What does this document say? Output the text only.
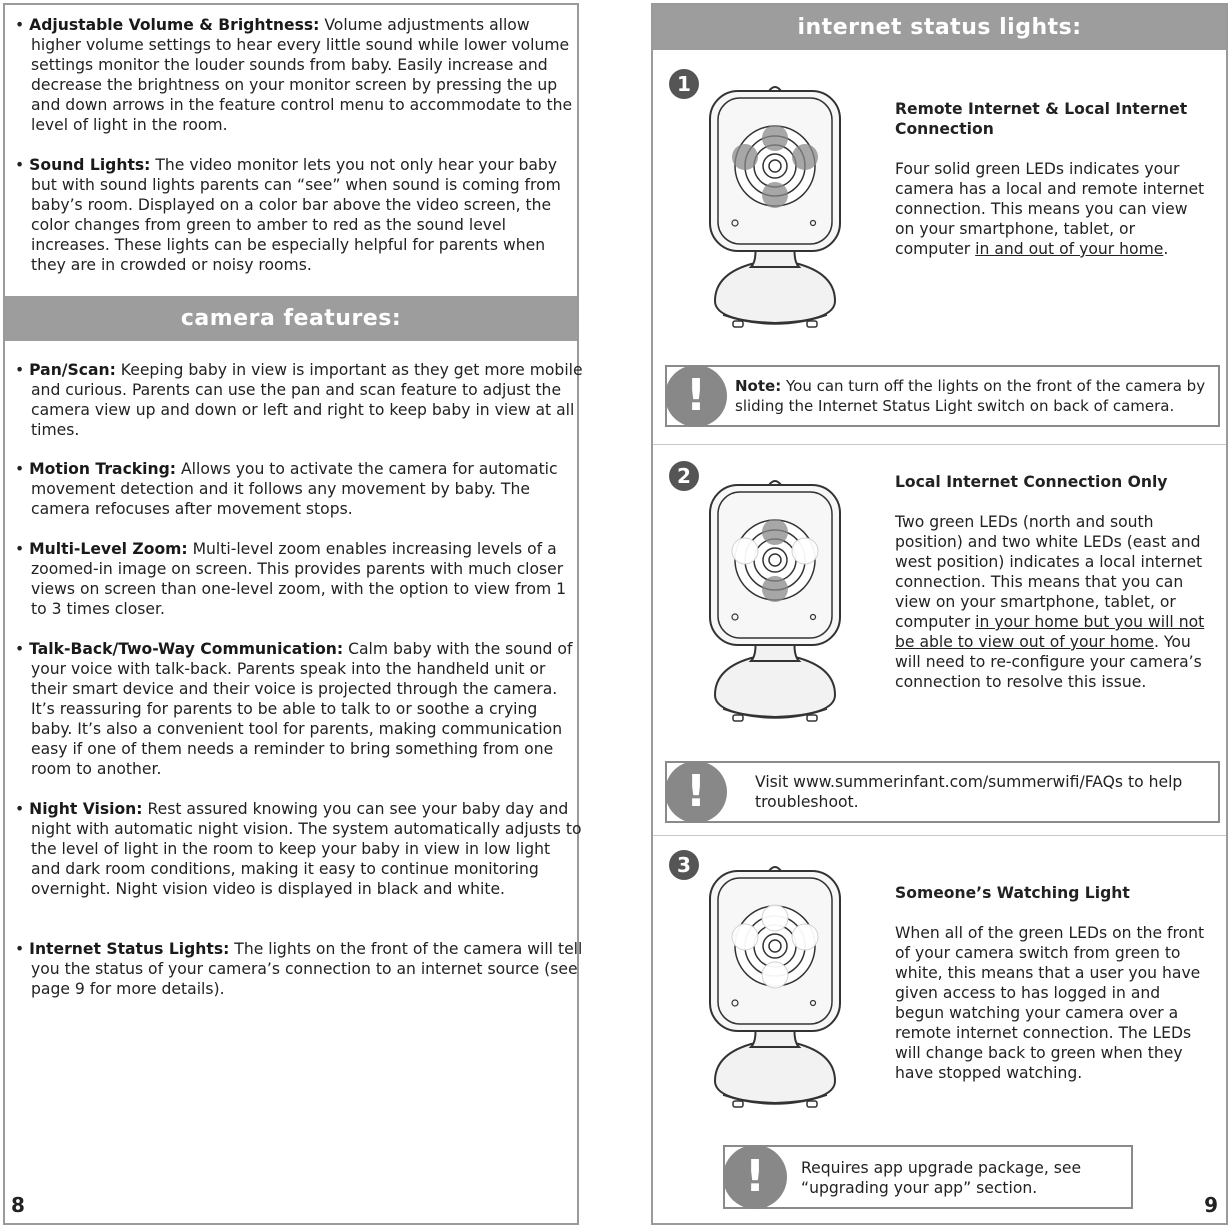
• Adjustable Volume & Brightness: Volume adjustments allow higher volume settings to hear every little sound while lower volume settings monitor the louder sounds from baby. Easily increase and decrease the brightness on your monitor screen by pressing the up and down arrows in the feature control menu to accommodate to the level of light in the room.

• Sound Lights: The video monitor lets you not only hear your baby but with sound lights parents can “see” when sound is coming from baby’s room. Displayed on a color bar above the video screen, the color changes from green to amber to red as the sound level increases. These lights can be especially helpful for parents when they are in crowded or noisy rooms.

camera features:

• Pan/Scan: Keeping baby in view is important as they get more mobile and curious. Parents can use the pan and scan feature to adjust the camera view up and down or left and right to keep baby in view at all times.

• Motion Tracking: Allows you to activate the camera for automatic movement detection and it follows any movement by baby. The camera refocuses after movement stops.

• Multi-Level Zoom: Multi-level zoom enables increasing levels of a zoomed-in image on screen. This provides parents with much closer views on screen than one-level zoom, with the option to view from 1 to 3 times closer.

• Talk-Back/Two-Way Communication: Calm baby with the sound of your voice with talk-back. Parents speak into the handheld unit or their smart device and their voice is projected through the camera. It’s reassuring for parents to be able to talk to or soothe a crying baby. It’s also a convenient tool for parents, making communication easy if one of them needs a reminder to bring something from one room to another.

• Night Vision: Rest assured knowing you can see your baby day and night with automatic night vision. The system automatically adjusts to the level of light in the room to keep your baby in view in low light and dark room conditions, making it easy to continue monitoring overnight. Night vision video is displayed in black and white.

• Internet Status Lights: The lights on the front of the camera will tell you the status of your camera’s connection to an internet source (see page 9 for more details).

8
internet status lights:
1
Remote Internet & Local Internet Connection

Four solid green LEDs indicates your camera has a local and remote internet connection. This means you can view on your smartphone, tablet, or computer in and out of your home.

!	Note: You can turn off the lights on the front of the camera by sliding the Internet Status Light switch on back of camera.
2	Local Internet Connection Only

Two green LEDs (north and south position) and two white LEDs (east and west position) indicates a local internet connection. This means that you can view on your smartphone, tablet, or computer in your home but you will not be able to view out of your home. You will need to re-configure your camera’s connection to resolve this issue.

!	Visit www.summerinfant.com/summerwifi/FAQs to help troubleshoot.
3
Someone’s Watching Light

When all of the green LEDs on the front of your camera switch from green to white, this means that a user you have given access to has logged in and begun watching your camera over a remote internet connection. The LEDs will change back to green when they have stopped watching.

!	Requires app upgrade package, see “upgrading your app” section.
9
